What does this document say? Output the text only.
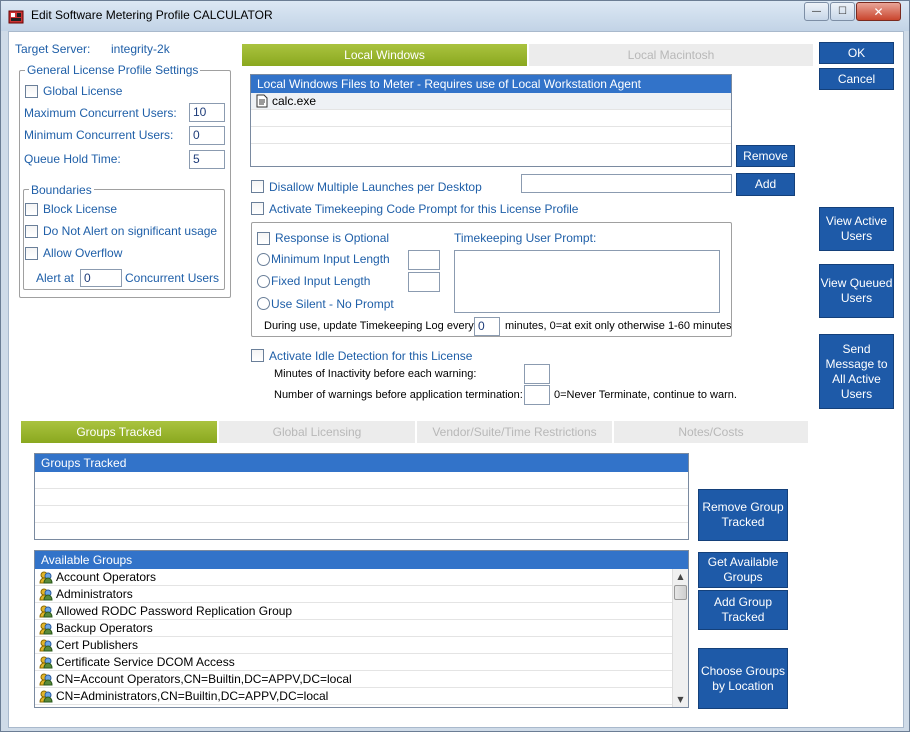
Edit Software Metering Profile CALCULATOR	— ☐ ✕
Target Server: integrity-2k
General License Profile Settings
Global License
Maximum Concurrent Users:	10
Minimum Concurrent Users:	0
Queue Hold Time:	5
Boundaries
Block License
Do Not Alert on significant usage
Allow Overflow
Alert at 0	Concurrent Users
Local Windows	Local Macintosh
Local Windows Files to Meter - Requires use of Local Workstation Agent
calc.exe
Remove
Disallow Multiple Launches per Desktop	Add
Activate Timekeeping Code Prompt for this License Profile
Response is Optional
Minimum Input Length
Fixed Input Length
Use Silent - No Prompt
Timekeeping User Prompt:
During use, update Timekeeping Log every 0	minutes, 0=at exit only otherwise 1-60 minutes
Activate Idle Detection for this License
Minutes of Inactivity before each warning:
Number of warnings before application termination:	0=Never Terminate, continue to warn.
OK
Cancel
View Active Users
View Queued Users
Send Message to All Active Users
Groups Tracked	Global Licensing	Vendor/Suite/Time Restrictions	Notes/Costs
Groups Tracked
Available Groups
Account Operators
Administrators
Allowed RODC Password Replication Group
Backup Operators
Cert Publishers
Certificate Service DCOM Access
CN=Account Operators,CN=Builtin,DC=APPV,DC=local
CN=Administrators,CN=Builtin,DC=APPV,DC=local
▲
▼
Remove Group Tracked
Get Available Groups
Add Group Tracked
Choose Groups by Location
